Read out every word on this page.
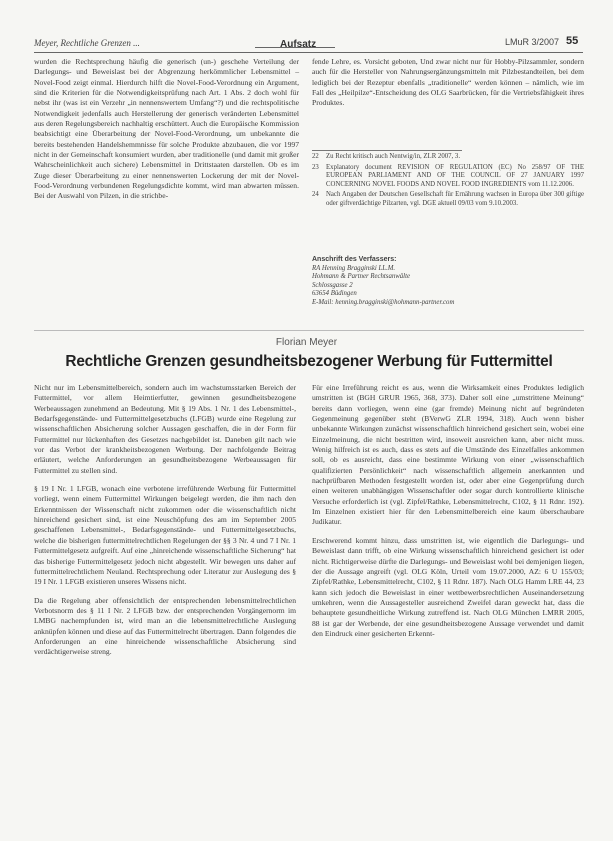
Meyer, Rechtliche Grenzen ...	Aufsatz	LMuR 3/2007 55

wurden die Rechtsprechung häufig die generisch (un-) geschehe Verteilung der Darlegungs- und Beweislast bei der Abgrenzung herkömmlicher Lebensmittel – Novel-Food zeigt einmal. Hierdurch hilft die Novel-Food-Verordnung ein Argument, sind die Kriterien für die Notwendigkeitsprüfung nach Art. 1 Abs. 2 doch wohl für nebst ihr (was ist ein Verzehr „in nennenswertem Umfang“?) und die rechtspolitische Notwendigkeit jedenfalls auch Herstellerung der generisch veränderten Lebensmittel aus deren Regelungsbereich nachhaltig erschüttert. Auch die Europäische Kommission beabsichtigt eine Überarbeitung der Novel-Food-Verordnung, um unbekannte die bereits bestehenden Handelshemmnisse für solche Produkte abzubauen, die vor 1997 nicht in der Gemeinschaft konsumiert wurden, aber traditionelle (und damit mit großer Wahrscheinlichkeit auch sichere) Lebensmittel in Drittstaaten darstellen. Ob es im Zuge dieser Überarbeitung zu einer nennenswerten Lockerung der mit der Novel-Food-Verordnung verbundenen Regelungsdichte kommt, wird man abwarten müssen. Bei der Auswahl von Pilzen, in die strichbe-

fende Lehre, es. Vorsicht geboten, Und zwar nicht nur für Hobby-Pilzsammler, sondern auch für die Hersteller von Nahrungsergänzungsmitteln mit Pilzbestandteilen, bei dem lediglich bei der Rezeptur ebenfalls „traditionelle“ werden können – nämlich, wie im Fall des „Heilpilze“-Entscheidung des OLG Saarbrücken, für die Vertriebsfähigkeit ihres Produktes.

22	Zu Recht kritisch auch Nentwig/in, ZLR 2007, 3.
23	Explanatory document REVISION OF REGULATION (EC) No 258/97 OF THE EUROPEAN PARLIAMENT AND OF THE COUNCIL OF 27 JANUARY 1997 CONCERNING NOVEL FOODS AND NOVEL FOOD INGREDIENTS vom 11.12.2006.
24	Nach Angaben der Deutschen Gesellschaft für Ernährung wachsen in Europa über 300 giftige oder giftverdächtige Pilzarten, vgl. DGE aktuell 09/03 vom 9.10.2003.
Anschrift des Verfassers:
RA Henning Bragginski LL.M.
Hohmann & Partner Rechtsanwälte
Schlossgasse 2
63654 Büdingen
E-Mail: henning.bragginski@hohmann-partner.com
Florian Meyer
Rechtliche Grenzen gesundheitsbezogener Werbung für Futtermittel

Nicht nur im Lebensmittelbereich, sondern auch im wachstumsstarken Bereich der Futtermittel, vor allem Heimtierfutter, gewinnen gesundheitsbezogene Werbeaussagen zunehmend an Bedeutung. Mit § 19 Abs. 1 Nr. 1 des Lebensmittel-, Bedarfsgegenstände- und Futtermittelgesetzbuchs (LFGB) wurde eine Regelung zur wissenschaftlichen Absicherung solcher Aussagen geschaffen, die in der Form für Futtermittel nur lückenhaften des Gesetzes nachgebildet ist. Daneben gilt nach wie vor das Verbot der krankheitsbezogenen Werbung. Der nachfolgende Beitrag erläutert, welche Anforderungen an gesundheitsbezogene Werbeaussagen für Futtermittel zu stellen sind.

§ 19 I Nr. 1 LFGB, wonach eine verbotene irreführende Werbung für Futtermittel vorliegt, wenn einem Futtermittel Wirkungen beigelegt werden, die ihm nach den Erkenntnissen der Wissenschaft nicht zukommen oder die wissenschaftlich nicht hinreichend gesichert sind, ist eine Neuschöpfung des am im September 2005 geschaffenen Lebensmittel-, Bedarfsgegenstände- und Futtermittelgesetzbuchs, welche die bisherigen futtermittelrechtlichen Regelungen der §§ 3 Nr. 4 und 7 I Nr. 1 Futtermittelgesetz aufgreift. Auf eine „hinreichende wissenschaftliche Sicherung“ hat das bisherige Futtermittelgesetz jedoch nicht abgestellt. Wir bewegen uns daher auf futtermittelrechtlichem Neuland. Rechtsprechung oder Literatur zur Auslegung des § 19 I Nr. 1 LFGB existieren unseres Wissens nicht.

Da die Regelung aber offensichtlich der entsprechenden lebensmittelrechtlichen Verbotsnorm des § 11 I Nr. 2 LFGB bzw. der entsprechenden Vorgängernorm im LMBG nachempfunden ist, wird man an die lebensmittelrechtliche Auslegung anknüpfen können und diese auf das Futtermittelrecht übertragen. Dann folgendes die Anforderungen an eine hinreichende wissenschaftliche Absicherung sind verdächtigerweise streng.

Für eine Irreführung reicht es aus, wenn die Wirksamkeit eines Produktes lediglich umstritten ist (BGH GRUR 1965, 368, 373). Daher soll eine „umstrittene Meinung“ bereits dann vorliegen, wenn eine (gar fremde) Meinung nicht auf begründeten Gegenmeinung gegenüber steht (BVerwG ZLR 1994, 318). Auch wenn bisher unbekannte Wirkungen zunächst wissenschaftlich hinreichend gesichert sein, wobei eine Einzelmeinung, die nicht bestritten wird, insoweit ausreichen kann, aber nicht muss. Wenig hilfreich ist es auch, dass es stets auf die Umstände des Einzelfalles ankommen soll, ob es ausreicht, dass eine bestimmte Wirkung von einer „wissenschaftlich qualifizierten Persönlichkeit“ nach wissenschaftlich allgemein anerkannten und nachprüfbaren Methoden festgestellt worden ist, oder aber eine Gegenprüfung durch einen weiteren unabhängigen Wissenschaftler oder sogar durch kontrollierte klinische Versuche erforderlich ist (vgl. Zipfel/Rathke, Lebensmittelrecht, C102, § 11 Rdnr. 192). Im Einzelnen existiert hier für den Lebensmittelbereich eine kaum überschaubare Judikatur.

Erschwerend kommt hinzu, dass umstritten ist, wie eigentlich die Darlegungs- und Beweislast dann trifft, ob eine Wirkung wissenschaftlich hinreichend gesichert ist oder nicht. Richtigerweise dürfte die Darlegungs- und Beweislast wohl bei demjenigen liegen, der die Aussage angreift (vgl. OLG Köln, Urteil vom 19.07.2000, AZ: 6 U 155/03; Zipfel/Rathke, Lebensmittelrecht, C102, § 11 Rdnr. 187). Nach OLG Hamm LRE 44, 23 kann sich jedoch die Beweislast in einer wettbewerbsrechtlichen Auseinandersetzung umkehren, wenn die Aussagesteller ausreichend Zweifel daran geweckt hat, dass die behauptete gesundheitliche Wirkung zutreffend ist. Nach OLG München LMRR 2005, 88 ist gar der Werbende, der eine gesundheitsbezogene Aussage verwendet und damit den Eindruck einer gesicherten Erkennt-
